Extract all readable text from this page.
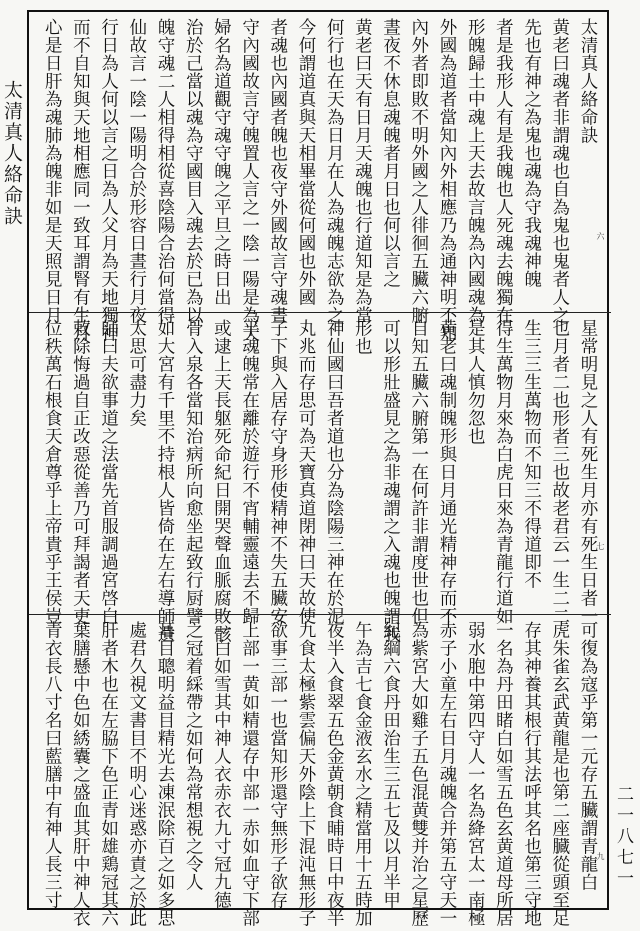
太清真人絡命訣
二一八七一
太清真人絡命訣
黄老曰魂者非謂魂也自為鬼也鬼者人之
先也有神之為鬼也魂為守我魂神魄
者是我形人有是我魄也人死魂去魄獨在
形魄歸土中魂上天去故言魄為內國魂為
外國為道者當知內外相應乃為通神明不知
內外者即敗不明外國之人徘徊五臟六腑
晝夜不休息魂魄者月日也何以言之
黄老曰天有日月天魂魄也行道知是為當
何行也在天為日月在人為魂魄志欲為之
今何謂道真與天相畢當從何國也外國
者魂也內國者魄也夜守外國故言守魂晝
守內國故言守魄置人言之一陰一陽是為天
婦名為道觀守魂守魄之平旦之時日出
治於己當以魂為守國目入魂去於已為以
魄守魂二人相得相從喜陰陽合治何當得
仙故言一陰一陽明合於形容日晝行月夜
行日為人何以言之日為人父月為天地獨神
而不自知與天地相應同一致耳謂腎有生月
心是日肝為魂肺為魄非如是天照見日月
星常明見之人有死生月亦有死生日者一
也月者二也形者三也故老君云一生二二
生三三生萬物而不知三不得道即不
得生萬物月來為白虎日來為青龍行道如
是其人慎勿忽也
黄老曰魂制魄形與日月通光精神存而不
自知五臟六腑第一在何許非謂度世也但
可以形壯盛見之為非魂謂之入魂也魄謂我
形也
神仙國曰吾者道也分為陰陽三神在於泥
丸兆而存思可為天寶真道閉神曰天故使
子下與入居存守身形使精神不失五臟安
平魂魄常在離於遊行不宵輔靈遠去不歸
或逮上天長躯死命紀日開哭聲血脈腐敗骸
骨入泉各當知治病所向愈坐起致行厨譬
如大宮有千里不持根人皆倚在左右導師遺
太思可盡力矣
師曰夫欲事道之法當先首服調過宮啓白
敕除悔過自正改惡從善乃可拜謁者天吏
位秩萬石根食天倉尊乎上帝貴乎王侯豈
可復為寇乎第一元存五臟謂青龍白
虎朱雀玄武黄龍是也第二座臓從頭至足
存其神養其根行其法呼其名也第三守地
一名為丹田睹白如雪五色玄黄道母所居
弱水胞中第四守人一名為絳宮太一南極
赤子小童左右日月魂魄合并第五守天一
為紫宮大如雞子五色混黄雙并治之星歷
紀綱六食丹田治生三五七及以月半甲
午為吉七食金液玄水之精當用十五時加
夜半入食翠五色金黄朝食晡時日中夜半
九食太極紫雲偏天外陰上下混沌無形子
欲事三部一也當知形還守無形子欲存
上部一黄如精還存中部一赤如血守下部
一白如雪其中神人衣赤衣九寸冠九德
之冠着綵帶之如何為常想視之令人
耳目聰明益目精光去凍泯除百之如多思
處君久視文書目不明心迷惑亦責之於此
肝者木也在左脇下色正青如雄鶏冠其六
葉膳懸中色如綉囊之盛血其肝中神人衣
青衣長八寸名曰藍膳中有神人長三寸
六
七
九
